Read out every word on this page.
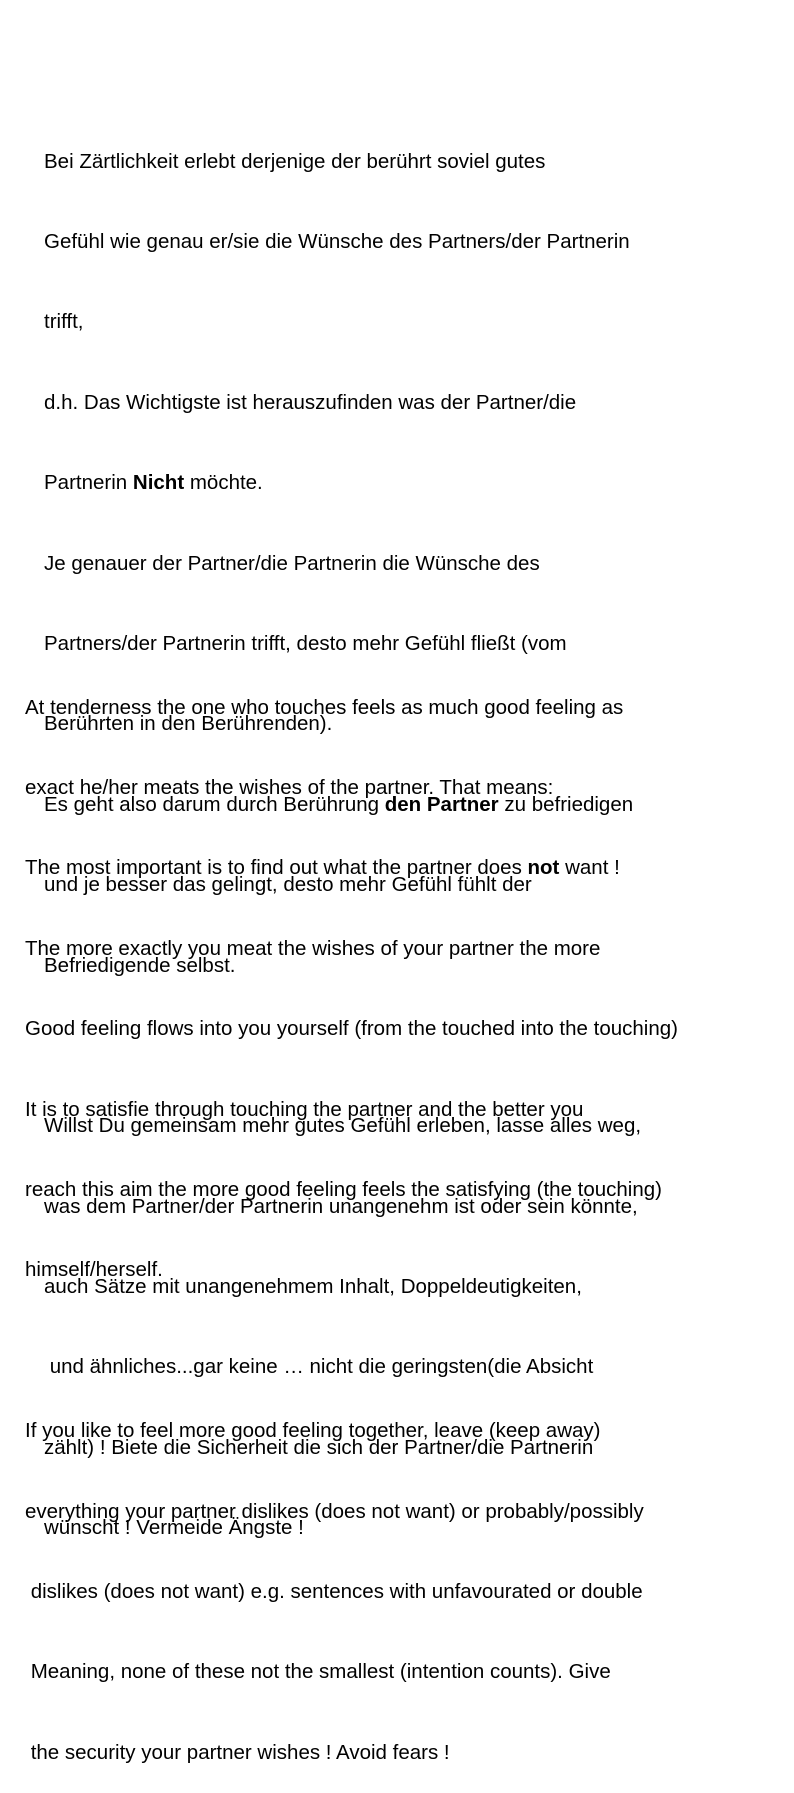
Bei Zärtlichkeit erlebt derjenige der berührt soviel gutes

Gefühl wie genau er/sie die Wünsche des Partners/der Partnerin

trifft,

d.h. Das Wichtigste ist herauszufinden was der Partner/die

Partnerin Nicht möchte.

Je genauer der Partner/die Partnerin die Wünsche des

Partners/der Partnerin trifft, desto mehr Gefühl fließt (vom

Berührten in den Berührenden).

Es geht also darum durch Berührung den Partner zu befriedigen

und je besser das gelingt, desto mehr Gefühl fühlt der

Befriedigende selbst.

Willst Du gemeinsam mehr gutes Gefühl erleben, lasse alles weg,

was dem Partner/der Partnerin unangenehm ist oder sein könnte,

auch Sätze mit unangenehmem Inhalt, Doppeldeutigkeiten,

und ähnliches...gar keine … nicht die geringsten(die Absicht

zählt) ! Biete die Sicherheit die sich der Partner/die Partnerin

wünscht ! Vermeide Ängste !

At tenderness the one who touches feels as much good feeling as

exact he/her meats the wishes of the partner. That means:

The most important is to find out what the partner does not want !

The more exactly you meat the wishes of your partner the more

Good feeling flows into you yourself (from the touched into the touching)

It is to satisfie through touching the partner and the better you

reach this aim the more good feeling feels the satisfying (the touching)

himself/herself.

If you like to feel more good feeling together, leave (keep away)

everything your partner dislikes (does not want) or probably/possibly

dislikes (does not want) e.g. sentences with unfavourated or double

Meaning, none of these not the smallest (intention counts). Give

the security your partner wishes ! Avoid fears !
